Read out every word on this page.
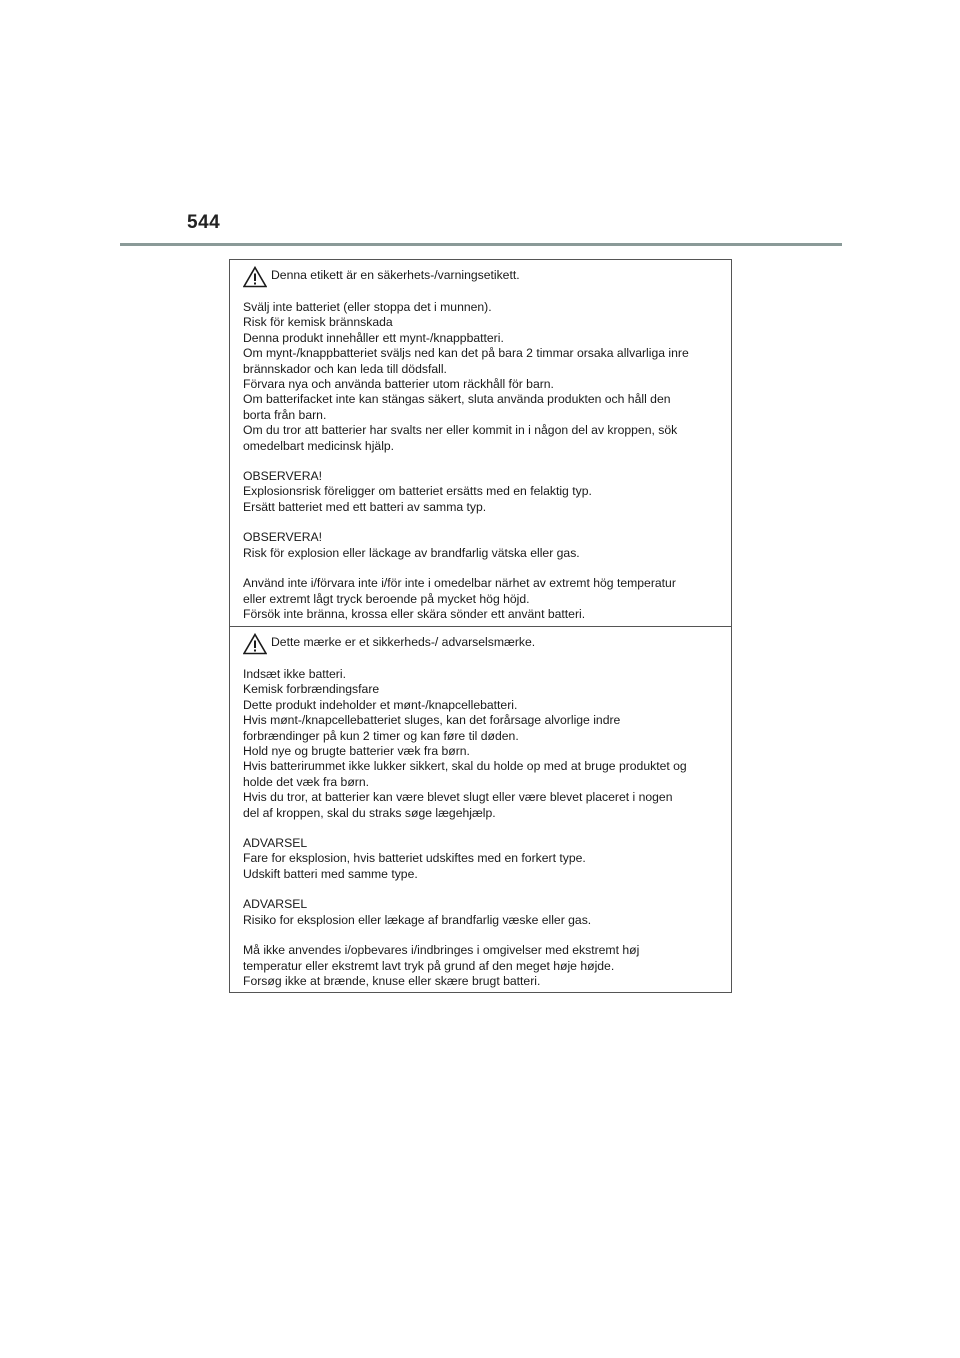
544
Denna etikett är en säkerhets-/varningsetikett.
Svälj inte batteriet (eller stoppa det i munnen).
Risk för kemisk brännskada
Denna produkt innehåller ett mynt-/knappbatteri.
Om mynt-/knappbatteriet sväljs ned kan det på bara 2 timmar orsaka allvarliga inre
brännskador och kan leda till dödsfall.
Förvara nya och använda batterier utom räckhåll för barn.
Om batterifacket inte kan stängas säkert, sluta använda produkten och håll den
borta från barn.
Om du tror att batterier har svalts ner eller kommit in i någon del av kroppen, sök
omedelbart medicinsk hjälp.
OBSERVERA!
Explosionsrisk föreligger om batteriet ersätts med en felaktig typ.
Ersätt batteriet med ett batteri av samma typ.
OBSERVERA!
Risk för explosion eller läckage av brandfarlig vätska eller gas.
Använd inte i/förvara inte i/för inte i omedelbar närhet av extremt hög temperatur
eller extremt lågt tryck beroende på mycket hög höjd.
Försök inte bränna, krossa eller skära sönder ett använt batteri.
Dette mærke er et sikkerheds-/ advarselsmærke.
Indsæt ikke batteri.
Kemisk forbrændingsfare
Dette produkt indeholder et mønt-/knapcellebatteri.
Hvis mønt-/knapcellebatteriet sluges, kan det forårsage alvorlige indre
forbrændinger på kun 2 timer og kan føre til døden.
Hold nye og brugte batterier væk fra børn.
Hvis batterirummet ikke lukker sikkert, skal du holde op med at bruge produktet og
holde det væk fra børn.
Hvis du tror, at batterier kan være blevet slugt eller være blevet placeret i nogen
del af kroppen, skal du straks søge lægehjælp.
ADVARSEL
Fare for eksplosion, hvis batteriet udskiftes med en forkert type.
Udskift batteri med samme type.
ADVARSEL
Risiko for eksplosion eller lækage af brandfarlig væske eller gas.
Må ikke anvendes i/opbevares i/indbringes i omgivelser med ekstremt høj
temperatur eller ekstremt lavt tryk på grund af den meget høje højde.
Forsøg ikke at brænde, knuse eller skære brugt batteri.
